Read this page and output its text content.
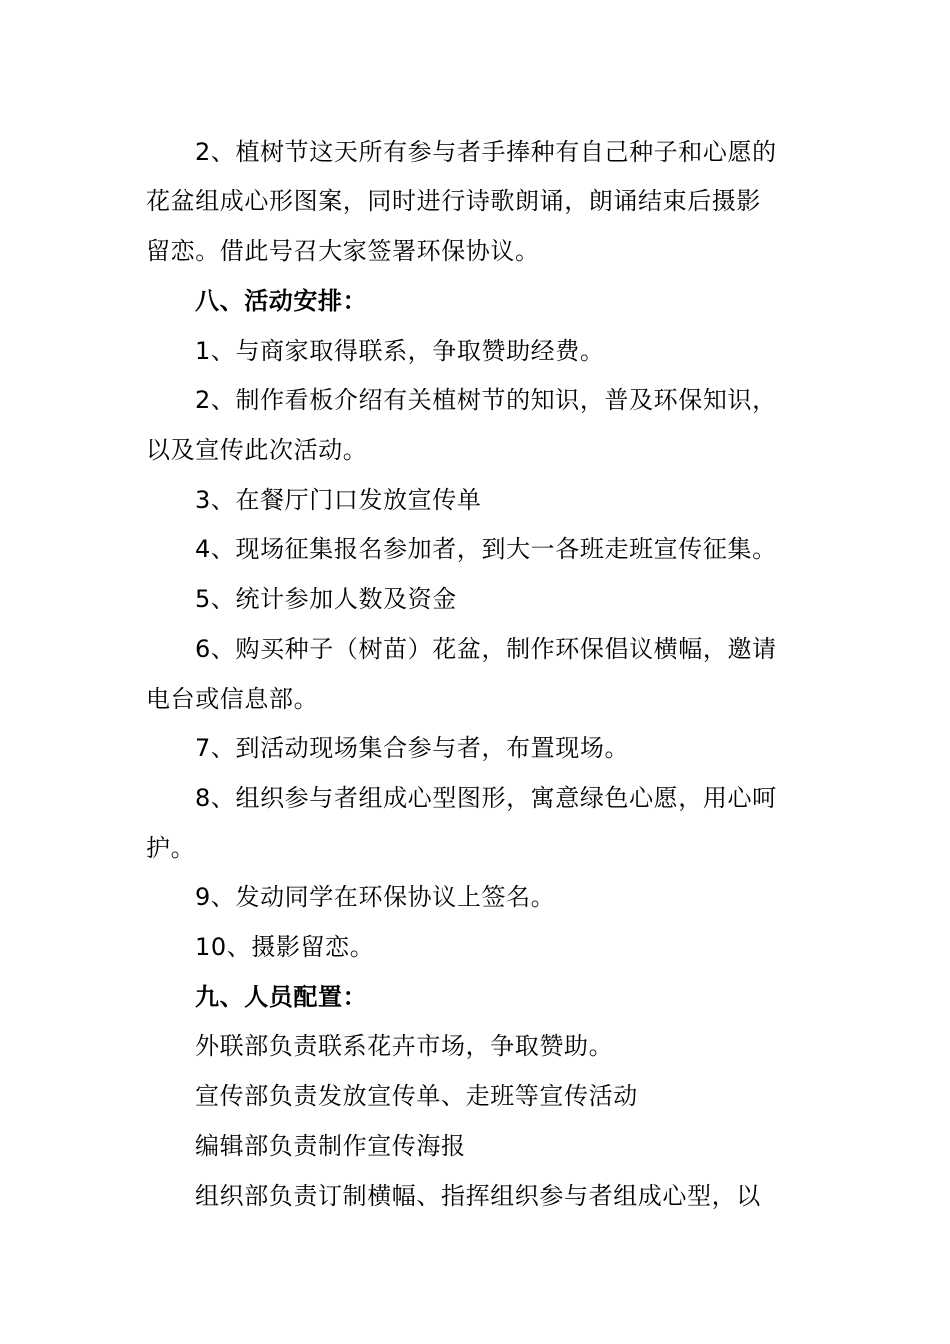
2、植树节这天所有参与者手捧种有自己种子和心愿的
花盆组成心形图案，同时进行诗歌朗诵，朗诵结束后摄影
留恋。借此号召大家签署环保协议。
八、活动安排：
1、与商家取得联系，争取赞助经费。
2、制作看板介绍有关植树节的知识，普及环保知识，
以及宣传此次活动。
3、在餐厅门口发放宣传单
4、现场征集报名参加者，到大一各班走班宣传征集。
5、统计参加人数及资金
6、购买种子（树苗）花盆，制作环保倡议横幅，邀请
电台或信息部。
7、到活动现场集合参与者，布置现场。
8、组织参与者组成心型图形，寓意绿色心愿，用心呵
护。
9、发动同学在环保协议上签名。
10、摄影留恋。
九、人员配置：
外联部负责联系花卉市场，争取赞助。
宣传部负责发放宣传单、走班等宣传活动
编辑部负责制作宣传海报
组织部负责订制横幅、指挥组织参与者组成心型，以
